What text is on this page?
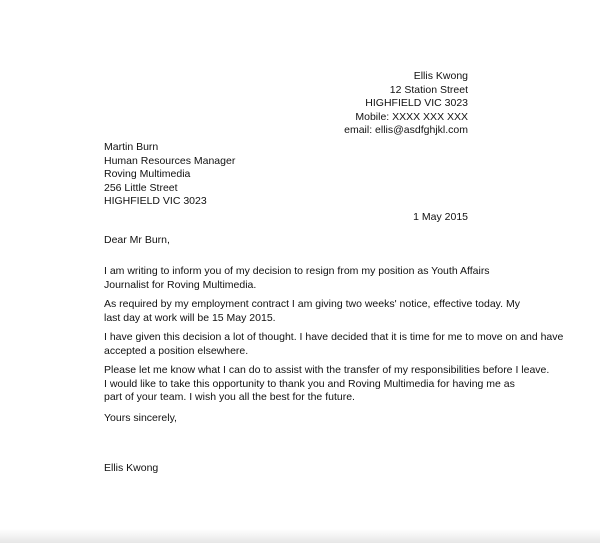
Ellis Kwong
12 Station Street
HIGHFIELD VIC 3023
Mobile: XXXX XXX XXX
email: ellis@asdfghjkl.com
Martin Burn
Human Resources Manager
Roving Multimedia
256 Little Street
HIGHFIELD VIC 3023
1 May 2015
Dear Mr Burn,
I am writing to inform you of my decision to resign from my position as Youth Affairs
Journalist for Roving Multimedia.
As required by my employment contract I am giving two weeks' notice, effective today. My
last day at work will be 15 May 2015.
I have given this decision a lot of thought. I have decided that it is time for me to move on and have
accepted a position elsewhere.
Please let me know what I can do to assist with the transfer of my responsibilities before I leave.
I would like to take this opportunity to thank you and Roving Multimedia for having me as
part of your team. I wish you all the best for the future.
Yours sincerely,
Ellis Kwong
